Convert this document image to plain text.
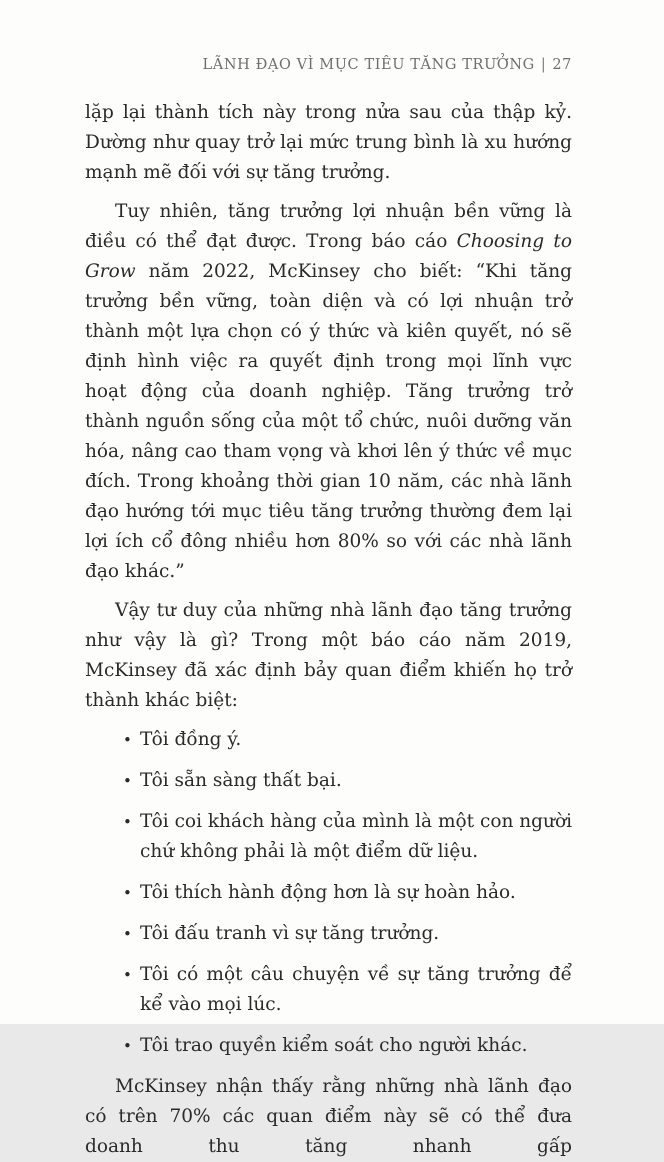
LÃNH ĐẠO VÌ MỤC TIÊU TĂNG TRƯỞNG | 27

lặp lại thành tích này trong nửa sau của thập kỷ. Dường như quay trở lại mức trung bình là xu hướng mạnh mẽ đối với sự tăng trưởng.

Tuy nhiên, tăng trưởng lợi nhuận bền vững là điều có thể đạt được. Trong báo cáo Choosing to Grow năm 2022, McKinsey cho biết: “Khi tăng trưởng bền vững, toàn diện và có lợi nhuận trở thành một lựa chọn có ý thức và kiên quyết, nó sẽ định hình việc ra quyết định trong mọi lĩnh vực hoạt động của doanh nghiệp. Tăng trưởng trở thành nguồn sống của một tổ chức, nuôi dưỡng văn hóa, nâng cao tham vọng và khơi lên ý thức về mục đích. Trong khoảng thời gian 10 năm, các nhà lãnh đạo hướng tới mục tiêu tăng trưởng thường đem lại lợi ích cổ đông nhiều hơn 80% so với các nhà lãnh đạo khác.”

Vậy tư duy của những nhà lãnh đạo tăng trưởng như vậy là gì? Trong một báo cáo năm 2019, McKinsey đã xác định bảy quan điểm khiến họ trở thành khác biệt:

• Tôi đồng ý.
• Tôi sẵn sàng thất bại.
• Tôi coi khách hàng của mình là một con người chứ không phải là một điểm dữ liệu.
• Tôi thích hành động hơn là sự hoàn hảo.
• Tôi đấu tranh vì sự tăng trưởng.
• Tôi có một câu chuyện về sự tăng trưởng để kể vào mọi lúc.
• Tôi trao quyền kiểm soát cho người khác.

McKinsey nhận thấy rằng những nhà lãnh đạo có trên 70% các quan điểm này sẽ có thể đưa doanh thu tăng nhanh gấp
